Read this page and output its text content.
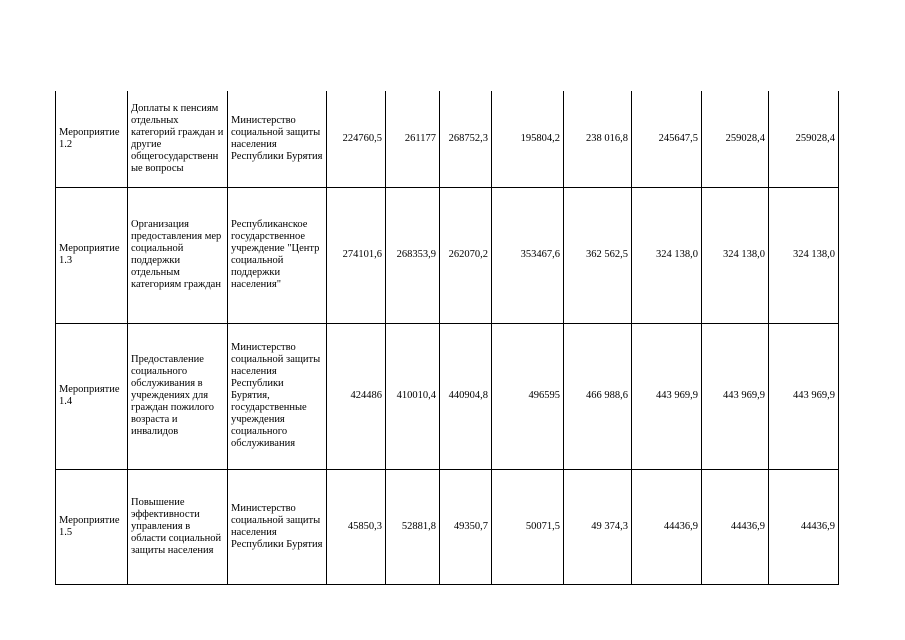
Мероприятие 1.2	Доплаты к пенсиям отдельных категорий граждан и другие общегосударственные вопросы	Министерство социальной защиты населения Республики Бурятия	224760,5	261177	268752,3	195804,2	238 016,8	245647,5	259028,4	259028,4
Мероприятие 1.3	Организация предоставления мер социальной поддержки отдельным категориям граждан	Республиканское государственное учреждение "Центр социальной поддержки населения"	274101,6	268353,9	262070,2	353467,6	362 562,5	324 138,0	324 138,0	324 138,0
Мероприятие 1.4	Предоставление социального обслуживания в учреждениях для граждан пожилого возраста и инвалидов	Министерство социальной защиты населения Республики Бурятия, государственные учреждения социального обслуживания	424486	410010,4	440904,8	496595	466 988,6	443 969,9	443 969,9	443 969,9
Мероприятие 1.5	Повышение эффективности управления в области социальной защиты населения	Министерство социальной защиты населения Республики Бурятия	45850,3	52881,8	49350,7	50071,5	49 374,3	44436,9	44436,9	44436,9
